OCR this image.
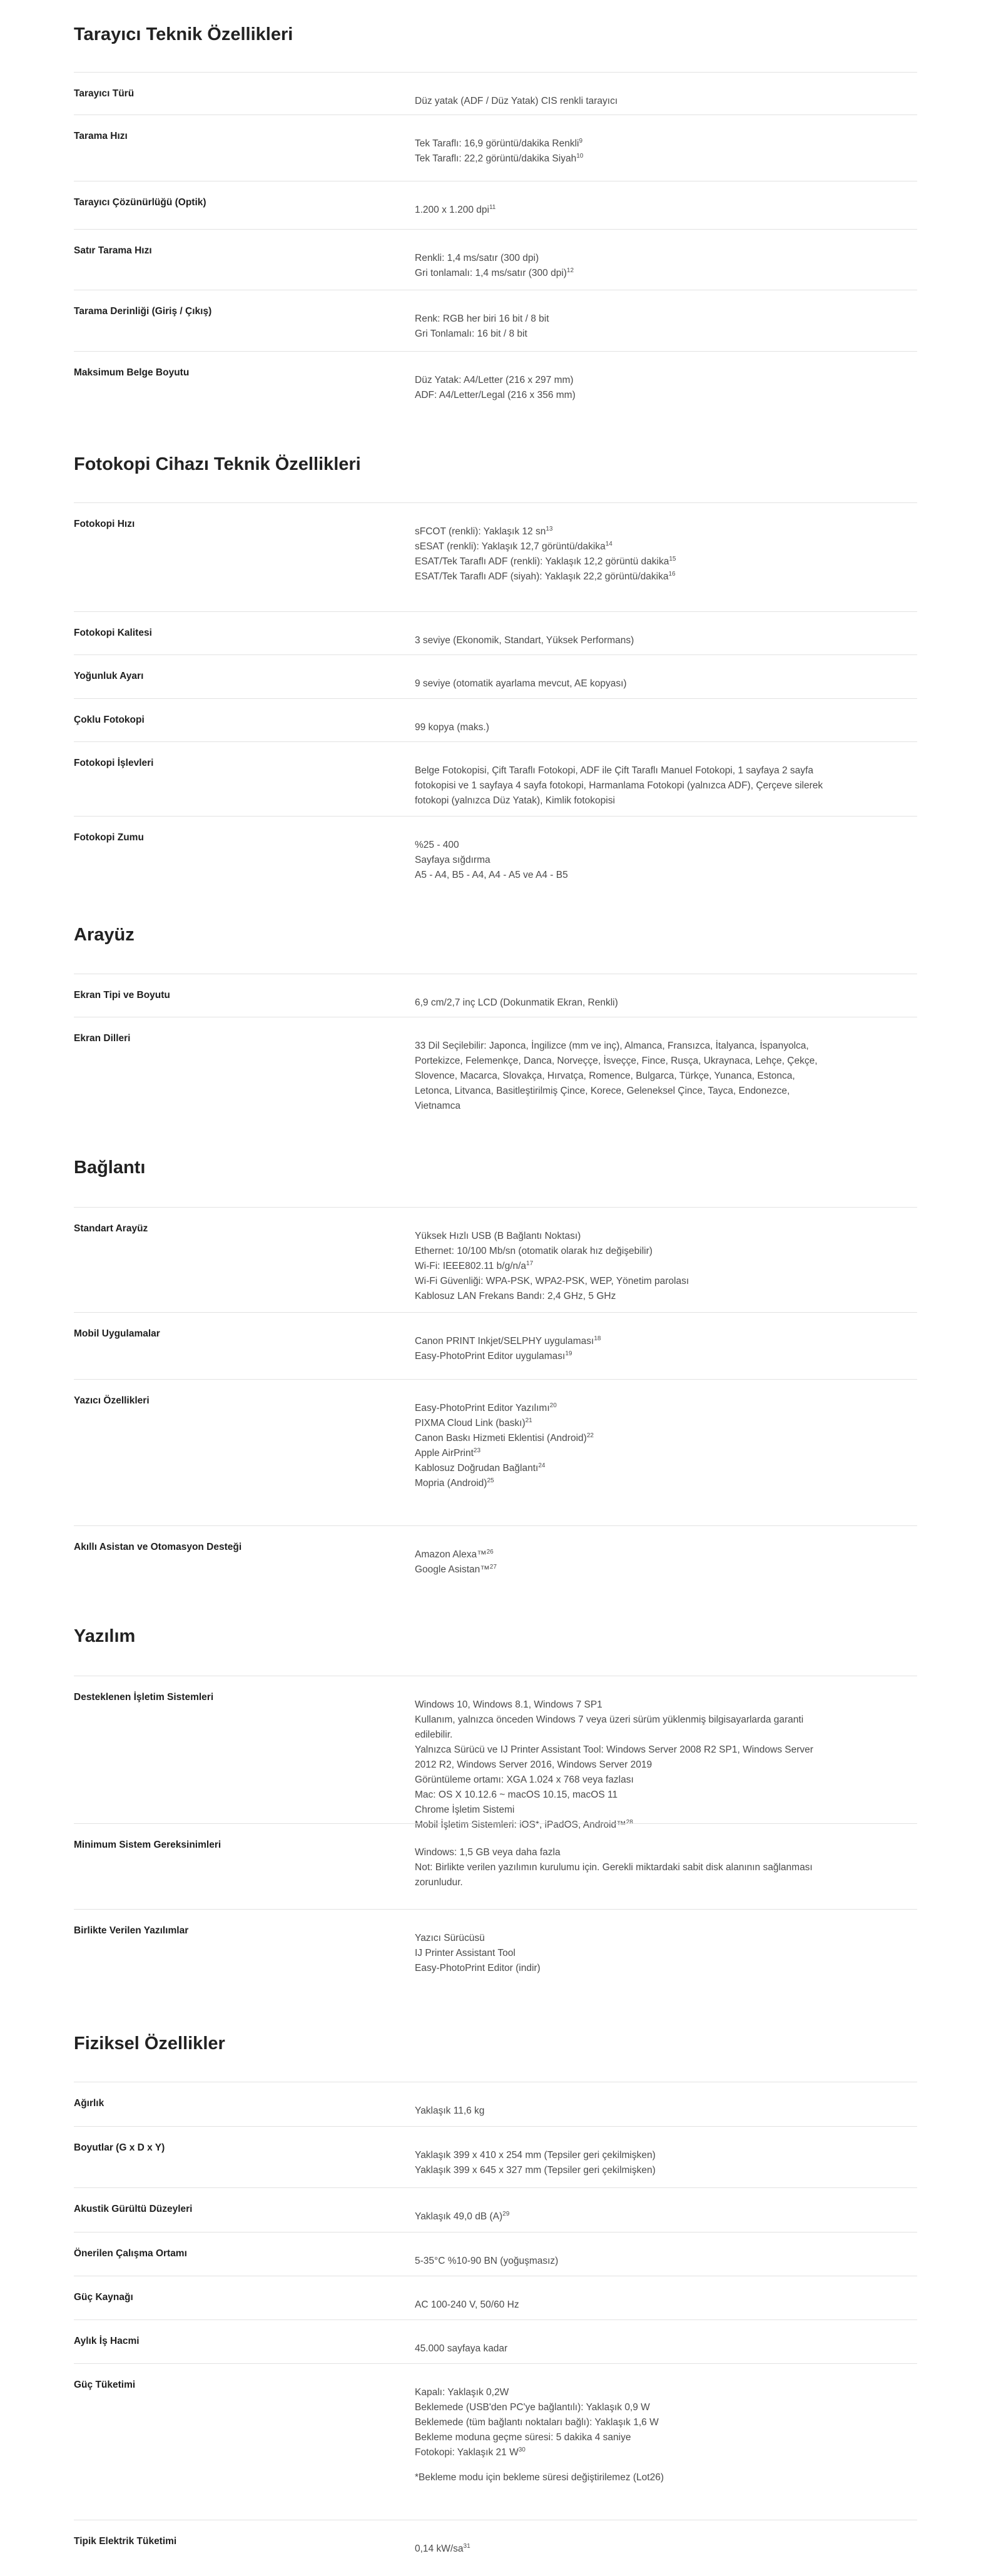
Tarayıcı Teknik Özellikleri
Tarayıcı Türü
Düz yatak (ADF / Düz Yatak) CIS renkli tarayıcı
Tarama Hızı
Tek Taraflı: 16,9 görüntü/dakika Renkli$^9$
Tek Taraflı: 22,2 görüntü/dakika Siyah$^{10}$
Tarayıcı Çözünürlüğü (Optik)
1.200 x 1.200 dpi$^{11}$
Satır Tarama Hızı
Renkli: 1,4 ms/satır (300 dpi)
Gri tonlamalı: 1,4 ms/satır (300 dpi)$^{12}$
Tarama Derinliği (Giriş / Çıkış)
Renk: RGB her biri 16 bit / 8 bit
Gri Tonlamalı: 16 bit / 8 bit
Maksimum Belge Boyutu
Düz Yatak: A4/Letter (216 x 297 mm)
ADF: A4/Letter/Legal (216 x 356 mm)
Fotokopi Cihazı Teknik Özellikleri
Fotokopi Hızı
sFCOT (renkli): Yaklaşık 12 $sn^{13}$
sESAT (renkli): Yaklaşık 12,7 görüntü/dakika$^{14}$
ESAT/Tek Taraflı ADF (renkli): Yaklaşık 12,2 görüntü dakika$^{15}$
ESAT/Tek Taraflı ADF (siyah): Yaklaşık 22,2 görüntü/dakika$^{16}$
Fotokopi Kalitesi
3 seviye (Ekonomik, Standart, Yüksek Performans)
Yoğunluk Ayarı
9 seviye (otomatik ayarlama mevcut, AE kopyası)
Çoklu Fotokopi
99 kopya (maks.)
Fotokopi İşlevleri
Belge Fotokopisi, Çift Taraflı Fotokopi, ADF ile Çift Taraflı Manuel Fotokopi, 1 sayfaya 2 sayfa
fotokopisi ve 1 sayfaya 4 sayfa fotokopi, Harmanlama Fotokopi (yalnızca ADF), Çerçeve silerek
fotokopi (yalnızca Düz Yatak), Kimlik fotokopisi
Fotokopi Zumu
%25 - 400
Sayfaya sığdırma
A5 - A4, B5 - A4, A4 - A5 ve A4 - B5
Arayüz
Ekran Tipi ve Boyutu
6,9 cm/2,7 inç LCD (Dokunmatik Ekran, Renkli)
Ekran Dilleri
33 Dil Seçilebilir: Japonca, İngilizce (mm ve inç), Almanca, Fransızca, İtalyanca, İspanyolca,
Portekizce, Felemenkçe, Danca, Norveççe, İsveççe, Fince, Rusça, Ukraynaca, Lehçe, Çekçe,
Slovence, Macarca, Slovakça, Hırvatça, Romence, Bulgarca, Türkçe, Yunanca, Estonca,
Letonca, Litvanca, Basitleştirilmiş Çince, Korece, Geleneksel Çince, Tayca, Endonezce,
Vietnamca
Bağlantı
Standart Arayüz
Yüksek Hızlı USB (B Bağlantı Noktası)
Ethernet: 10/100 Mb/sn (otomatik olarak hız değişebilir)
Wi-Fi: IEEE802.11 $b/g/n/a^{17}$
Wi-Fi Güvenliği: WPA-PSK, WPA2-PSK, WEP, Yönetim parolası
Kablosuz LAN Frekans Bandı: 2,4 GHz, 5 GHz
Mobil Uygulamalar
Canon PRINT Inkjet/SELPHY uygulaması$^{18}$
Easy-PhotoPrint Editor uygulaması$^{19}$
Yazıcı Özellikleri
Easy-PhotoPrint Editor Yazılımı$^{20}$
PIXMA Cloud Link (baskı)$^{21}$
Canon Baskı Hizmeti Eklentisi (Android)$^{22}$
Apple AirPrint$^{23}$
Kablosuz Doğrudan Bağlantı$^{24}$
Mopria (Android)$^{25}$
Akıllı Asistan ve Otomasyon Desteği
Amazon Alexa™$^{26}$
Google Asistan™$^{27}$
Yazılım
Desteklenen İşletim Sistemleri
Windows 10, Windows 8.1, Windows 7 SP1
Kullanım, yalnızca önceden Windows 7 veya üzeri sürüm yüklenmiş bilgisayarlarda garanti
edilebilir.
Yalnızca Sürücü ve IJ Printer Assistant Tool: Windows Server 2008 R2 SP1, Windows Server
2012 R2, Windows Server 2016, Windows Server 2019
Görüntüleme ortamı: XGA 1.024 x 768 veya fazlası
Mac: OS X 10.12.6 ~ macOS 10.15, macOS 11
Chrome İşletim Sistemi
Mobil İşletim Sistemleri: iOS*, iPadOS, Android™$^{28}$
Minimum Sistem Gereksinimleri
Windows: 1,5 GB veya daha fazla
Not: Birlikte verilen yazılımın kurulumu için. Gerekli miktardaki sabit disk alanının sağlanması
zorunludur.
Birlikte Verilen Yazılımlar
Yazıcı Sürücüsü
IJ Printer Assistant Tool
Easy-PhotoPrint Editor (indir)
Fiziksel Özellikler
Ağırlık
Yaklaşık 11,6 kg
Boyutlar (G x D x Y)
Yaklaşık 399 x 410 x 254 mm (Tepsiler geri çekilmişken)
Yaklaşık 399 x 645 x 327 mm (Tepsiler geri çekilmişken)
Akustik Gürültü Düzeyleri
Yaklaşık 49,0 dB $(A)^{29}$
Önerilen Çalışma Ortamı
5-35°C %10-90 BN (yoğuşmasız)
Güç Kaynağı
AC 100-240 V, 50/60 Hz
Aylık İş Hacmi
45.000 sayfaya kadar
Güç Tüketimi
Kapalı: Yaklaşık 0,2W
Beklemede (USB'den PC'ye bağlantılı): Yaklaşık 0,9 W
Beklemede (tüm bağlantı noktaları bağlı): Yaklaşık 1,6 W
Bekleme moduna geçme süresi: 5 dakika 4 saniye
Fotokopi: Yaklaşık 21 $W^{30}$
*Bekleme modu için bekleme süresi değiştirilemez (Lot26)
Tipik Elektrik Tüketimi
0,14 $kW/sa^{31}$
